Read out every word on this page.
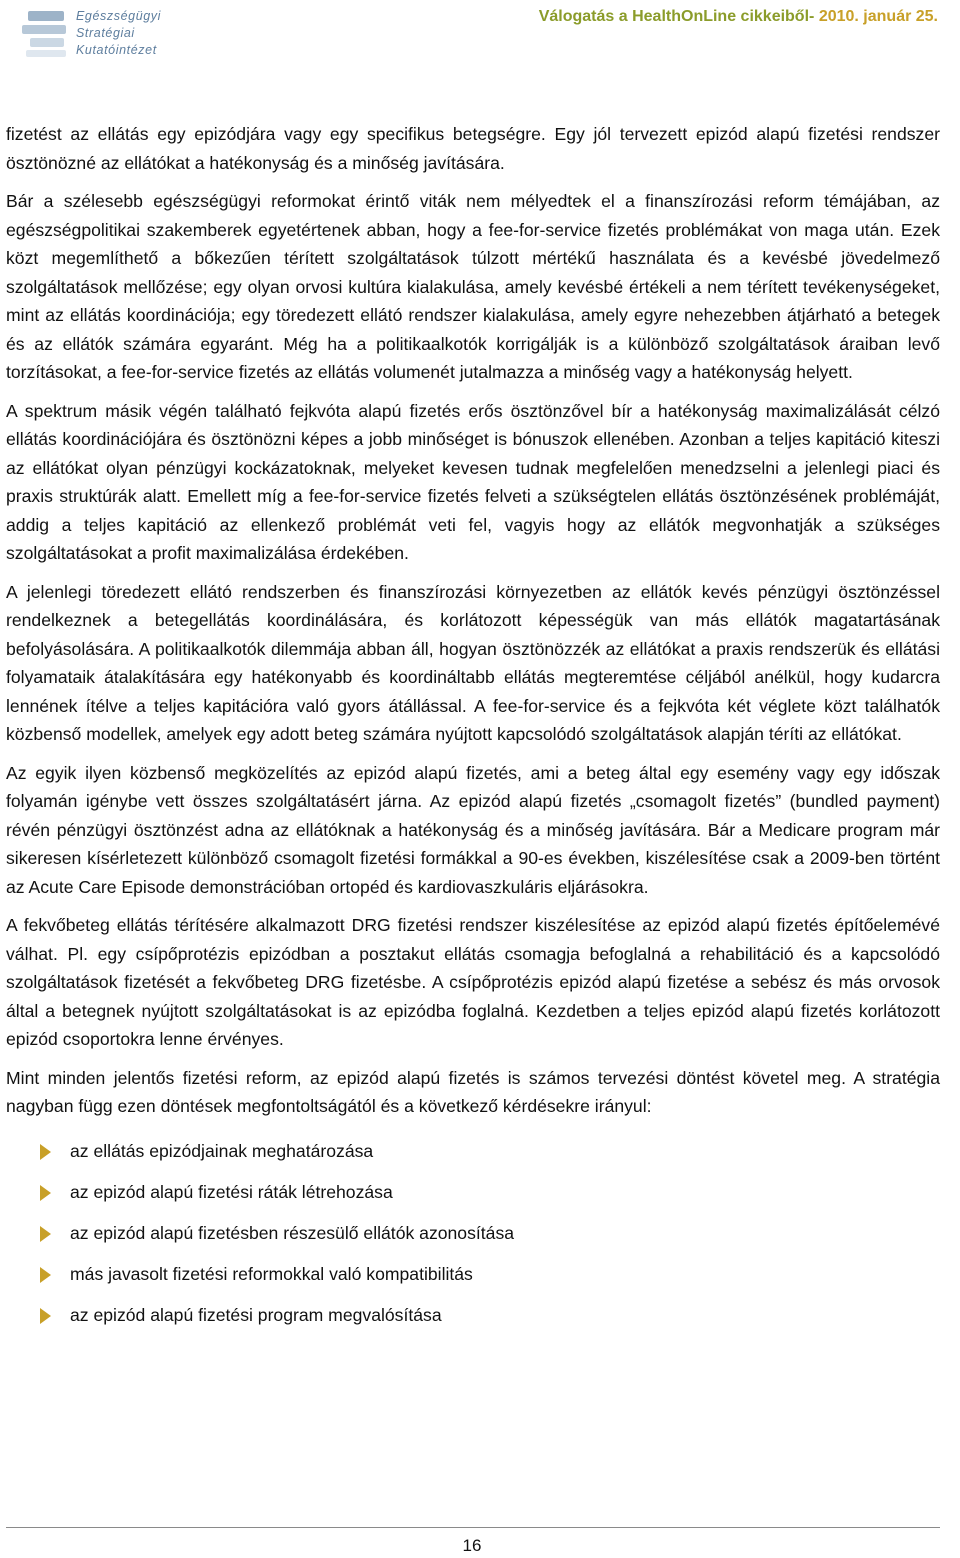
Egészségügyi
Stratégiai
Kutatóintézet
Válogatás a HealthOnLine cikkeiből- 2010. január 25.

fizetést az ellátás egy epizódjára vagy egy specifikus betegségre. Egy jól tervezett epizód alapú fizetési rendszer ösztönözné az ellátókat a hatékonyság és a minőség javítására.

Bár a szélesebb egészségügyi reformokat érintő viták nem mélyedtek el a finanszírozási reform témájában, az egészségpolitikai szakemberek egyetértenek abban, hogy a fee-for-service fizetés problémákat von maga után. Ezek közt megemlíthető a bőkezűen térített szolgáltatások túlzott mértékű használata és a kevésbé jövedelmező szolgáltatások mellőzése; egy olyan orvosi kultúra kialakulása, amely kevésbé értékeli a nem térített tevékenységeket, mint az ellátás koordinációja; egy töredezett ellátó rendszer kialakulása, amely egyre nehezebben átjárható a betegek és az ellátók számára egyaránt. Még ha a politikaalkotók korrigálják is a különböző szolgáltatások áraiban levő torzításokat, a fee-for-service fizetés az ellátás volumenét jutalmazza a minőség vagy a hatékonyság helyett.

A spektrum másik végén található fejkvóta alapú fizetés erős ösztönzővel bír a hatékonyság maximalizálását célzó ellátás koordinációjára és ösztönözni képes a jobb minőséget is bónuszok ellenében. Azonban a teljes kapitáció kiteszi az ellátókat olyan pénzügyi kockázatoknak, melyeket kevesen tudnak megfelelően menedzselni a jelenlegi piaci és praxis struktúrák alatt. Emellett míg a fee-for-service fizetés felveti a szükségtelen ellátás ösztönzésének problémáját, addig a teljes kapitáció az ellenkező problémát veti fel, vagyis hogy az ellátók megvonhatják a szükséges szolgáltatásokat a profit maximalizálása érdekében.

A jelenlegi töredezett ellátó rendszerben és finanszírozási környezetben az ellátók kevés pénzügyi ösztönzéssel rendelkeznek a betegellátás koordinálására, és korlátozott képességük van más ellátók magatartásának befolyásolására. A politikaalkotók dilemmája abban áll, hogyan ösztönözzék az ellátókat a praxis rendszerük és ellátási folyamataik átalakítására egy hatékonyabb és koordináltabb ellátás megteremtése céljából anélkül, hogy kudarcra lennének ítélve a teljes kapitációra való gyors átállással. A fee-for-service és a fejkvóta két véglete közt találhatók közbenső modellek, amelyek egy adott beteg számára nyújtott kapcsolódó szolgáltatások alapján téríti az ellátókat.

Az egyik ilyen közbenső megközelítés az epizód alapú fizetés, ami a beteg által egy esemény vagy egy időszak folyamán igénybe vett összes szolgáltatásért járna. Az epizód alapú fizetés „csomagolt fizetés” (bundled payment) révén pénzügyi ösztönzést adna az ellátóknak a hatékonyság és a minőség javítására. Bár a Medicare program már sikeresen kísérletezett különböző csomagolt fizetési formákkal a 90-es években, kiszélesítése csak a 2009-ben történt az Acute Care Episode demonstrációban ortopéd és kardiovaszkuláris eljárásokra.

A fekvőbeteg ellátás térítésére alkalmazott DRG fizetési rendszer kiszélesítése az epizód alapú fizetés építőelemévé válhat. Pl. egy csípőprotézis epizódban a posztakut ellátás csomagja befoglalná a rehabilitáció és a kapcsolódó szolgáltatások fizetését a fekvőbeteg DRG fizetésbe. A csípőprotézis epizód alapú fizetése a sebész és más orvosok által a betegnek nyújtott szolgáltatásokat is az epizódba foglalná. Kezdetben a teljes epizód alapú fizetés korlátozott epizód csoportokra lenne érvényes.

Mint minden jelentős fizetési reform, az epizód alapú fizetés is számos tervezési döntést követel meg. A stratégia nagyban függ ezen döntések megfontoltságától és a következő kérdésekre irányul:

az ellátás epizódjainak meghatározása
az epizód alapú fizetési ráták létrehozása
az epizód alapú fizetésben részesülő ellátók azonosítása
más javasolt fizetési reformokkal való kompatibilitás
az epizód alapú fizetési program megvalósítása
16
